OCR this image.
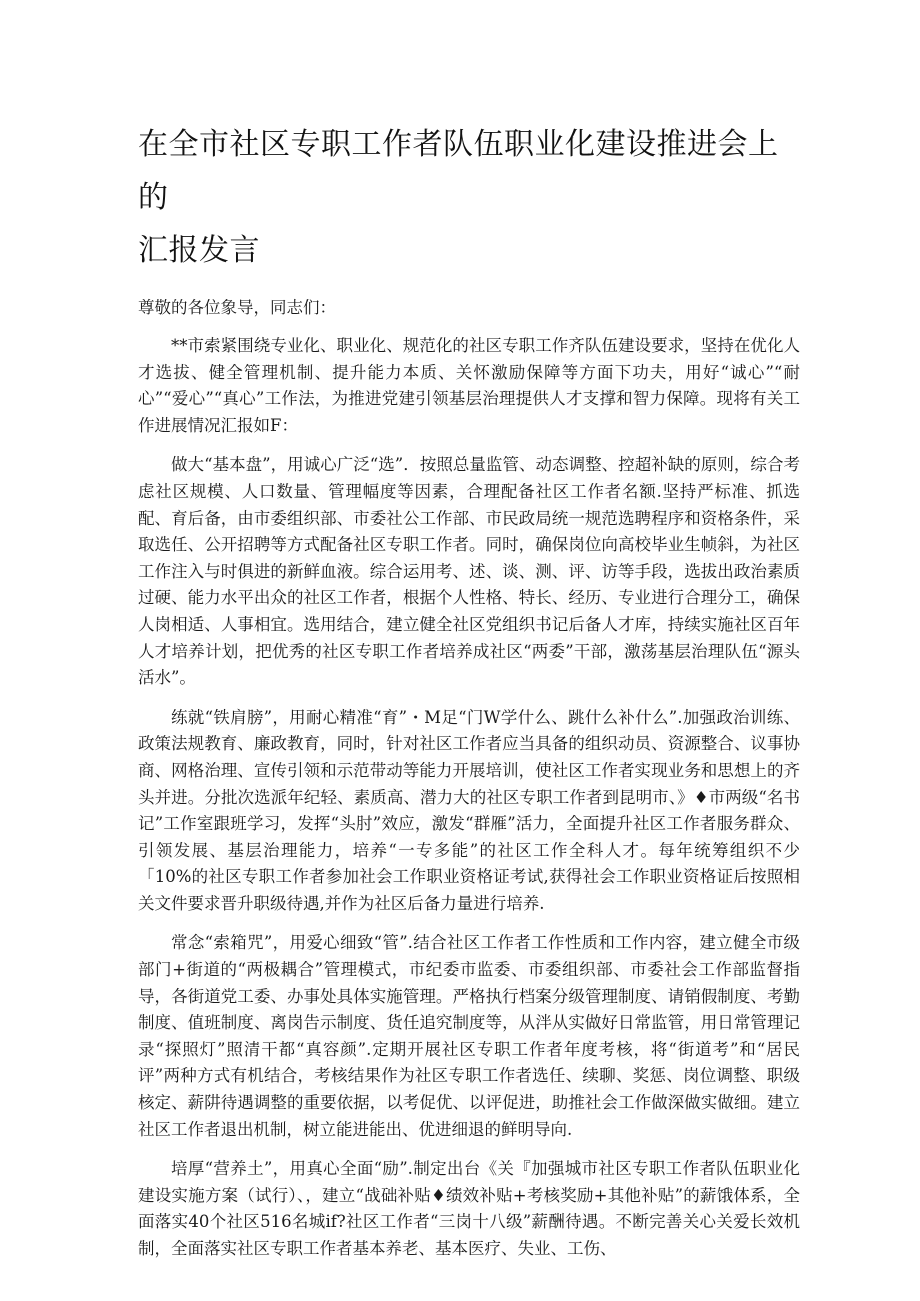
在全市社区专职工作者队伍职业化建设推进会上的
汇报发言

尊敬的各位象导，同志们：

**市索紧围绕专业化、职业化、规范化的社区专职工作齐队伍建设要求，坚持在优化人才选拔、健全管理机制、提升能力本质、关怀激励保障等方面下功夫，用好“诚心”“耐心”“爱心”“真心”工作法，为推进党建引领基层治理提供人才支撑和智力保障。现将有关工作进展情况汇报如F：

做大“基本盘”，用诚心广泛“选”．按照总量监管、动态调整、控超补缺的原则，综合考虑社区规模、人口数量、管理幅度等因素，合理配备社区工作者名额.坚持严标准、抓选配、育后备，由市委组织部、市委社公工作部、市民政局统一规范选聘程序和资格条件，采取选任、公开招聘等方式配备社区专职工作者。同时，确保岗位向高校毕业生帧斜，为社区工作注入与时俱进的新鲜血液。综合运用考、述、谈、测、评、访等手段，选拔出政治素质过硬、能力水平出众的社区工作者，根据个人性格、特长、经历、专业进行合理分工，确保人岗相适、人事相宜。选用结合，建立健全社区党组织书记后备人才库，持续实施社区百年人才培养计划，把优秀的社区专职工作者培养成社区“两委”干部，激荡基层治理队伍“源头活水”。

练就“铁肩膀”，用耐心精准“育”・M足“门W学什么、跳什么补什么”.加强政治训练、政策法规教育、廉政教育，同时，针对社区工作者应当具备的组织动员、资源整合、议事协商、网格治理、宣传引领和示范带动等能力开展培训，使社区工作者实现业务和思想上的齐头并进。分批次选派年纪轻、素质高、潜力大的社区专职工作者到昆明市、》♦市两级“名书记”工作室跟班学习，发挥“头肘”效应，激发“群雁”活力，全面提升社区工作者服务群众、引领发展、基层治理能力，培养“一专多能”的社区工作全科人才。每年统筹组织不少「10%的社区专职工作者参加社会工作职业资格证考试,获得社会工作职业资格证后按照相关文件要求晋升职级待遇,并作为社区后备力量进行培养.

常念“索箱咒”，用爱心细致“管”.结合社区工作者工作性质和工作内容，建立健全市级部门+街道的“两极耦合”管理模式，市纪委市监委、市委组织部、市委社会工作部监督指导，各街道党工委、办事处具体实施管理。严格执行档案分级管理制度、请销假制度、考勤制度、值班制度、离岗告示制度、货任追究制度等，从泮从实做好日常监管，用日常管理记录“探照灯”照清干都“真容颜”.定期开展社区专职工作者年度考核，将“街道考”和“居民评”两种方式有机结合，考核结果作为社区专职工作者选任、续聊、奖惩、岗位调整、职级核定、薪阱待遇调整的重要依据，以考促优、以评促进，助推社会工作做深做实做细。建立社区工作者退出机制，树立能进能出、优进细退的鲜明导向.

培厚“营养土”，用真心全面“励”.制定出台《关『加强城市社区专职工作者队伍职业化建设实施方案（试行）、，建立“战础补贴♦绩效补贴+考核奖励+其他补贴”的薪饿体系，全面落实40个社区516名城if?社区工作者“三岗十八级”薪酬待遇。不断完善关心关爱长效机制，全面落实社区专职工作者基本养老、基本医疗、失业、工伤、
